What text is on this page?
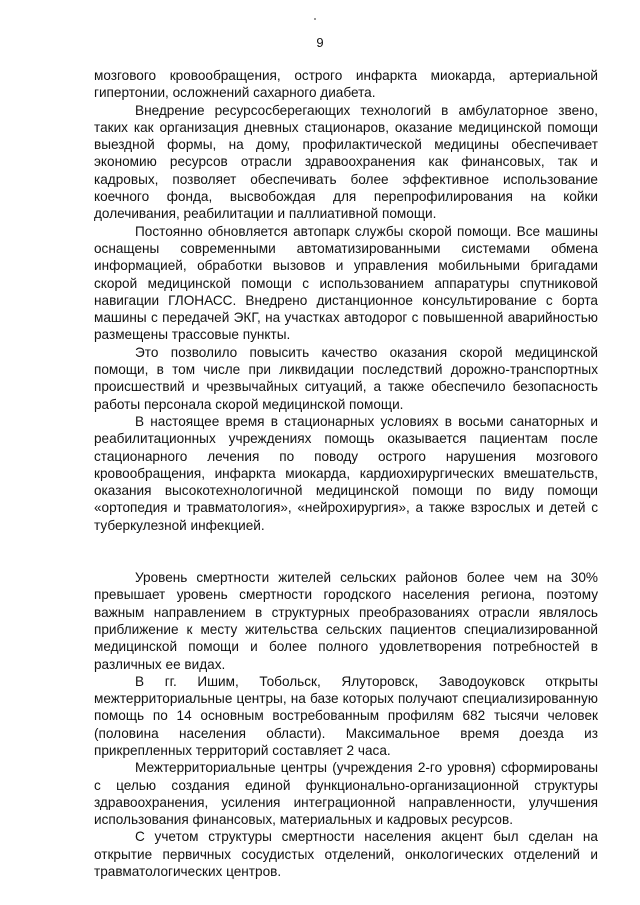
9

мозгового кровообращения, острого инфаркта миокарда, артериальной гипертонии, осложнений сахарного диабета.

Внедрение ресурсосберегающих технологий в амбулаторное звено, таких как организация дневных стационаров, оказание медицинской помощи выездной формы, на дому, профилактической медицины обеспечивает экономию ресурсов отрасли здравоохранения как финансовых, так и кадровых, позволяет обеспечивать более эффективное использование коечного фонда, высвобождая для перепрофилирования на койки долечивания, реабилитации и паллиативной помощи.

Постоянно обновляется автопарк службы скорой помощи. Все машины оснащены современными автоматизированными системами обмена информацией, обработки вызовов и управления мобильными бригадами скорой медицинской помощи с использованием аппаратуры спутниковой навигации ГЛОНАСС. Внедрено дистанционное консультирование с борта машины с передачей ЭКГ, на участках автодорог с повышенной аварийностью размещены трассовые пункты.

Это позволило повысить качество оказания скорой медицинской помощи, в том числе при ликвидации последствий дорожно-транспортных происшествий и чрезвычайных ситуаций, а также обеспечило безопасность работы персонала скорой медицинской помощи.

В настоящее время в стационарных условиях в восьми санаторных и реабилитационных учреждениях помощь оказывается пациентам после стационарного лечения по поводу острого нарушения мозгового кровообращения, инфаркта миокарда, кардиохирургических вмешательств, оказания высокотехнологичной медицинской помощи по виду помощи «ортопедия и травматология», «нейрохирургия», а также взрослых и детей с туберкулезной инфекцией.

Уровень смертности жителей сельских районов более чем на 30% превышает уровень смертности городского населения региона, поэтому важным направлением в структурных преобразованиях отрасли являлось приближение к месту жительства сельских пациентов специализированной медицинской помощи и более полного удовлетворения потребностей в различных ее видах.

В гг. Ишим, Тобольск, Ялуторовск, Заводоуковск открыты межтерриториальные центры, на базе которых получают специализированную помощь по 14 основным востребованным профилям 682 тысячи человек (половина населения области). Максимальное время доезда из прикрепленных территорий составляет 2 часа.

Межтерриториальные центры (учреждения 2-го уровня) сформированы с целью создания единой функционально-организационной структуры здравоохранения, усиления интеграционной направленности, улучшения использования финансовых, материальных и кадровых ресурсов.

С учетом структуры смертности населения акцент был сделан на открытие первичных сосудистых отделений, онкологических отделений и травматологических центров.
